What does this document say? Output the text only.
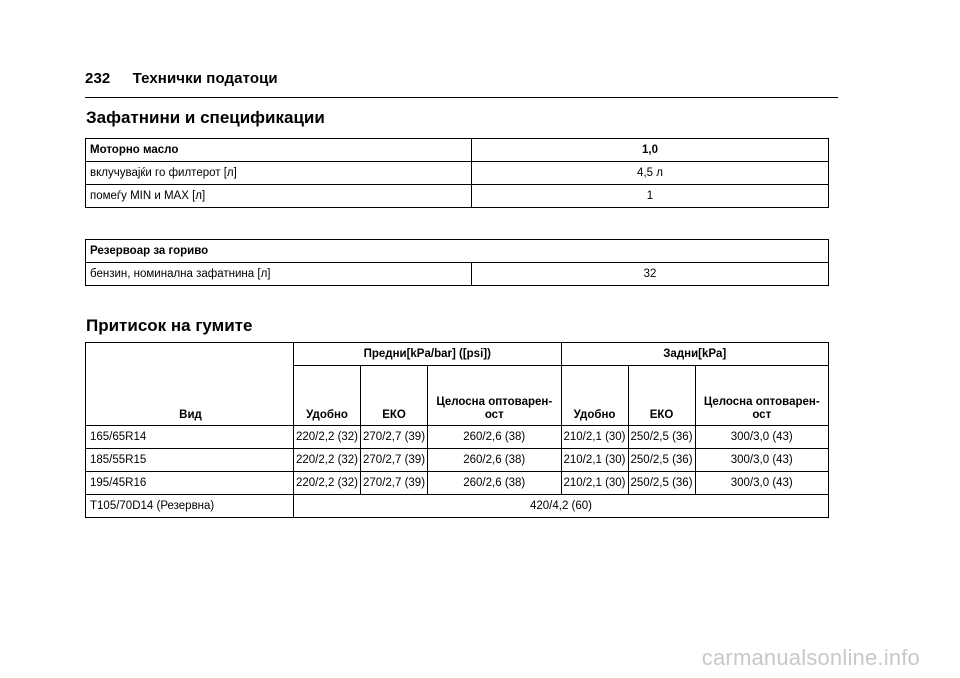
232 Технички податоци
Зафатнини и спецификации
Моторно масло	1,0
вклучувајќи го филтерот [л]	4,5 л
помеѓу MIN и MAX [л]	1
Резервоар за гориво
бензин, номинална зафатнина [л]	32
Притисок на гумите
Вид	Предни[kPa/bar] ([psi])			Задни[kPa]		
	Удобно	ЕКО	Целосна оптоварен-ост	Удобно	ЕКО	Целосна оптоварен-ост
165/65R14	220/2,2 (32)	270/2,7 (39)	260/2,6 (38)	210/2,1 (30)	250/2,5 (36)	300/3,0 (43)
185/55R15	220/2,2 (32)	270/2,7 (39)	260/2,6 (38)	210/2,1 (30)	250/2,5 (36)	300/3,0 (43)
195/45R16	220/2,2 (32)	270/2,7 (39)	260/2,6 (38)	210/2,1 (30)	250/2,5 (36)	300/3,0 (43)
T105/70D14 (Резервна)	420/4,2 (60)					
carmanualsonline.info
